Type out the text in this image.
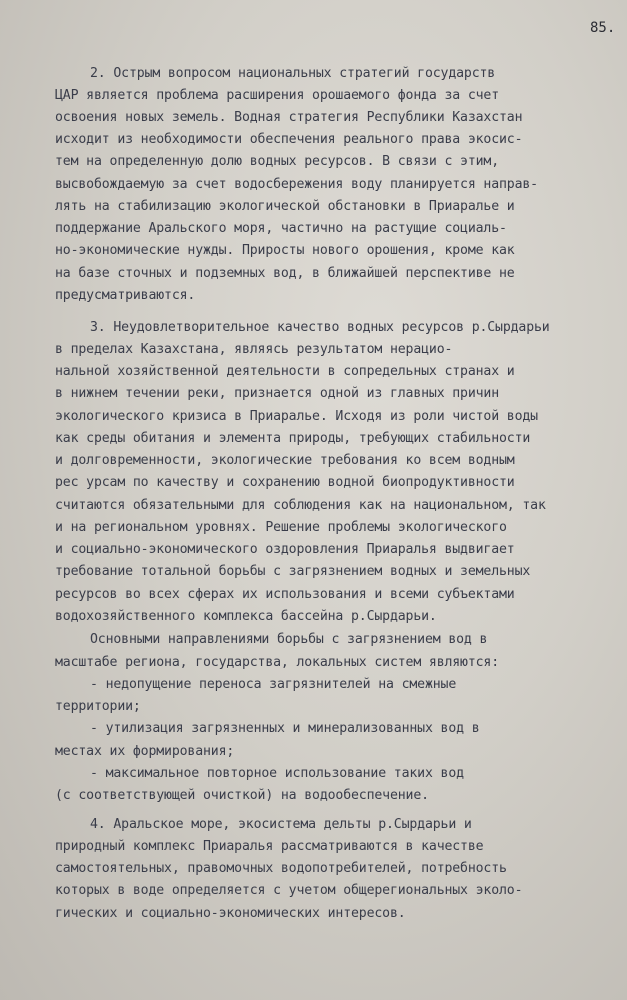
85.
2. Острым вопросом национальных стратегий государств
ЦАР является проблема расширения орошаемого фонда за счет
освоения новых земель. Водная стратегия Республики Казахстан
исходит из необходимости обеспечения реального права экосис-
тем на определенную долю водных ресурсов. В связи с этим,
высвобождаемую за счет водосбережения воду планируется направ-
лять на стабилизацию экологической обстановки в Приаралье и
поддержание Аральского моря, частично на растущие социаль-
но-экономические нужды. Приросты нового орошения, кроме как
на базе сточных и подземных вод, в ближайшей перспективе не
предусматриваются.
3. Неудовлетворительное качество водных ресурсов р.Сырдарьи
в пределах Казахстана, являясь результатом нерацио-
нальной хозяйственной деятельности в сопредельных странах и
в нижнем течении реки, признается одной из главных причин
экологического кризиса в Приаралье. Исходя из роли чистой воды
как среды обитания и элемента природы, требующих стабильности
и долговременности, экологические требования ко всем водным
рес урсам по качеству и сохранению водной биопродуктивности
считаются обязательными для соблюдения как на национальном, так
и на региональном уровнях. Решение проблемы экологического
и социально-экономического оздоровления Приаралья выдвигает
требование тотальной борьбы с загрязнением водных и земельных
ресурсов во всех сферах их использования и всеми субъектами
водохозяйственного комплекса бассейна р.Сырдарьи.
Основными направлениями борьбы с загрязнением вод в
масштабе региона, государства, локальных систем являются:
- недопущение переноса загрязнителей на смежные
территории;
- утилизация загрязненных и минерализованных вод в
местах их формирования;
- максимальное повторное использование таких вод
(с соответствующей очисткой) на водообеспечение.
4. Аральское море, экосистема дельты р.Сырдарьи и
природный комплекс Приаралья рассматриваются в качестве
самостоятельных, правомочных водопотребителей, потребность
которых в воде определяется с учетом общерегиональных эколо-
гических и социально-экономических интересов.
